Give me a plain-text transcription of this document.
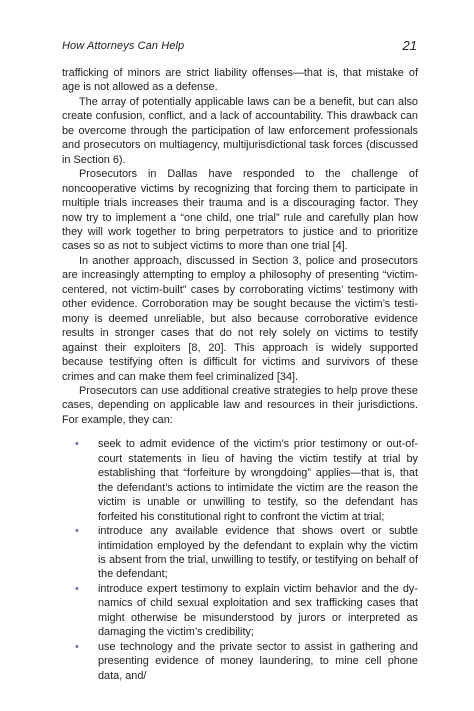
How Attorneys Can Help	21

trafficking of minors are strict liability offenses—that is, that mistake of age is not allowed as a defense.

The array of potentially applicable laws can be a benefit, but can also create confusion, conflict, and a lack of accountability. This drawback can be overcome through the participation of law enforcement professionals and prosecutors on multiagency, multijurisdictional task forces (discussed in Section 6).

Prosecutors in Dallas have responded to the challenge of noncooperative victims by recognizing that forcing them to participate in multiple trials increases their trauma and is a discouraging factor. They now try to implement a “one child, one trial” rule and carefully plan how they will work together to bring perpetrators to justice and to prioritize cases so as not to subject victims to more than one trial [4].

In another approach, discussed in Section 3, police and prosecutors are increasingly attempting to employ a philosophy of presenting “victim-centered, not victim-built” cases by corroborating victims’ testimony with other evidence. Corroboration may be sought because the victim’s testimony is deemed unreliable, but also because corroborative evidence results in stronger cases that do not rely solely on victims to testify against their exploiters [8, 20]. This approach is widely supported because testifying often is difficult for victims and survivors of these crimes and can make them feel criminalized [34].

Prosecutors can use additional creative strategies to help prove these cases, depending on applicable law and resources in their jurisdictions. For example, they can:

• seek to admit evidence of the victim’s prior testimony or out-of-court statements in lieu of having the victim testify at trial by establishing that “forfeiture by wrongdoing” applies—that is, that the defendant’s actions to intimidate the victim are the reason the victim is unable or unwilling to testify, so the defendant has forfeited his constitutional right to confront the victim at trial;
• introduce any available evidence that shows overt or subtle intimidation employed by the defendant to explain why the victim is absent from the trial, unwilling to testify, or testifying on behalf of the defendant;
• introduce expert testimony to explain victim behavior and the dynamics of child sexual exploitation and sex trafficking cases that might otherwise be misunderstood by jurors or interpreted as damaging the victim’s credibility;
• use technology and the private sector to assist in gathering and presenting evidence of money laundering, to mine cell phone data, and/
